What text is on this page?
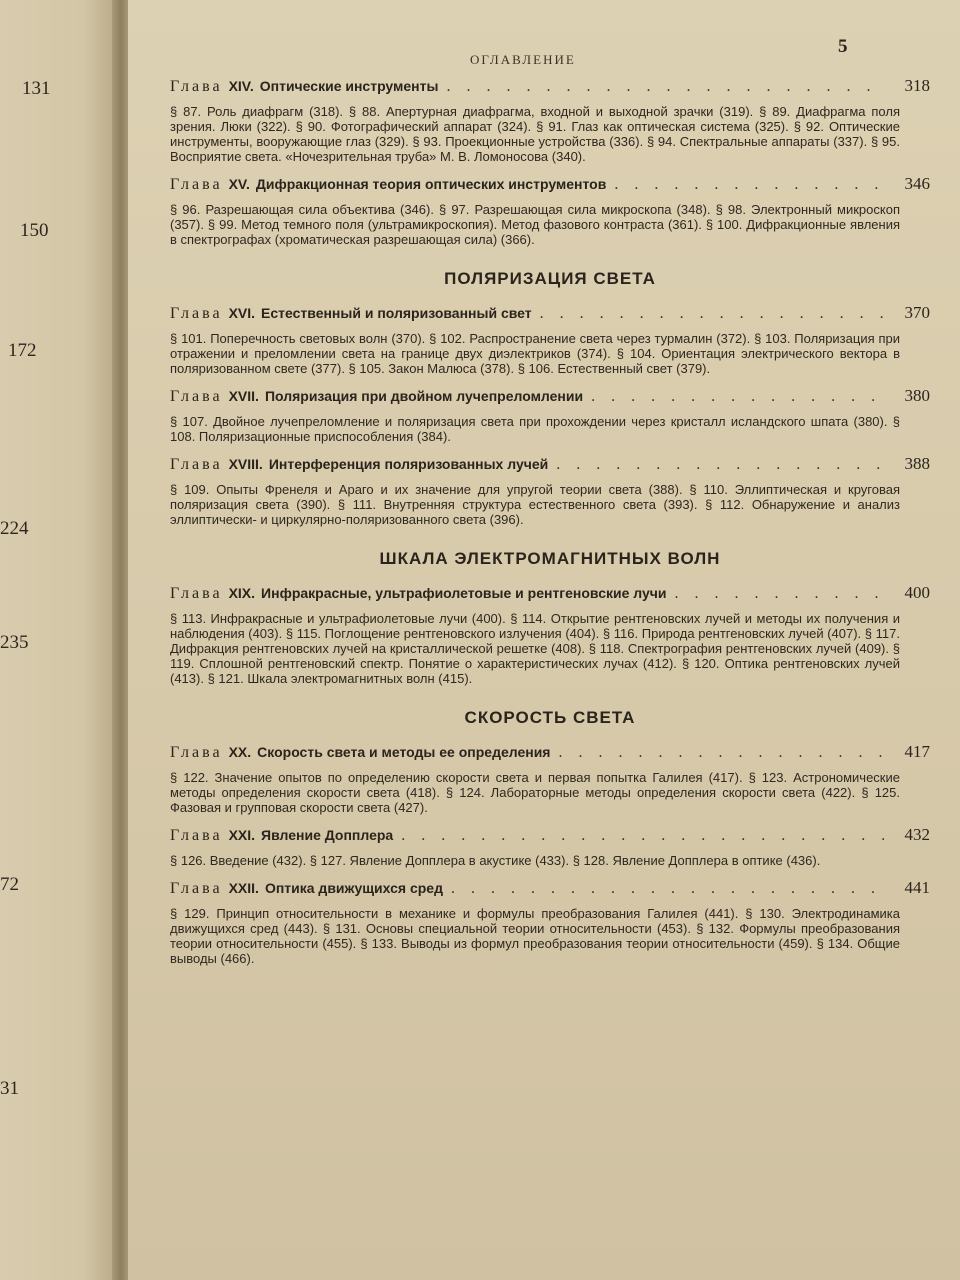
131
150
172
224
235
72
31
ОГЛАВЛЕНИЕ
5
Глава XIV. Оптические инструменты . . .	318
§ 87. Роль диафрагм (318). § 88. Апертурная диафрагма, входной и выходной зрачки (319). § 89. Диафрагма поля зрения. Люки (322). § 90. Фотографический аппарат (324). § 91. Глаз как оптическая система (325). § 92. Оптические инструменты, вооружающие глаз (329). § 93. Проекционные устройства (336). § 94. Спектральные аппараты (337). § 95. Восприятие света. «Ночезрительная труба» М. В. Ломоносова (340).
Глава XV. Дифракционная теория оптических инструментов . . .	346
§ 96. Разрешающая сила объектива (346). § 97. Разрешающая сила микроскопа (348). § 98. Электронный микроскоп (357). § 99. Метод темного поля (ультрамикроскопия). Метод фазового контраста (361). § 100. Дифракционные явления в спектрографах (хроматическая разрешающая сила) (366).
ПОЛЯРИЗАЦИЯ СВЕТА
Глава XVI. Естественный и поляризованный свет . . .	370
§ 101. Поперечность световых волн (370). § 102. Распространение света через турмалин (372). § 103. Поляризация при отражении и преломлении света на границе двух диэлектриков (374). § 104. Ориентация электрического вектора в поляризованном свете (377). § 105. Закон Малюса (378). § 106. Естественный свет (379).
Глава XVII. Поляризация при двойном лучепреломлении . . .	380
§ 107. Двойное лучепреломление и поляризация света при прохождении через кристалл исландского шпата (380). § 108. Поляризационные приспособления (384).
Глава XVIII. Интерференция поляризованных лучей . . .	388
§ 109. Опыты Френеля и Араго и их значение для упругой теории света (388). § 110. Эллиптическая и круговая поляризация света (390). § 111. Внутренняя структура естественного света (393). § 112. Обнаружение и анализ эллиптически- и циркулярно-поляризованного света (396).
ШКАЛА ЭЛЕКТРОМАГНИТНЫХ ВОЛН
Глава XIX. Инфракрасные, ультрафиолетовые и рентгеновские лучи . . .	400
§ 113. Инфракрасные и ультрафиолетовые лучи (400). § 114. Открытие рентгеновских лучей и методы их получения и наблюдения (403). § 115. Поглощение рентгеновского излучения (404). § 116. Природа рентгеновских лучей (407). § 117. Дифракция рентгеновских лучей на кристаллической решетке (408). § 118. Спектрография рентгеновских лучей (409). § 119. Сплошной рентгеновский спектр. Понятие о характеристических лучах (412). § 120. Оптика рентгеновских лучей (413). § 121. Шкала электромагнитных волн (415).
СКОРОСТЬ СВЕТА
Глава XX. Скорость света и методы ее определения . . .	417
§ 122. Значение опытов по определению скорости света и первая попытка Галилея (417). § 123. Астрономические методы определения скорости света (418). § 124. Лабораторные методы определения скорости света (422). § 125. Фазовая и групповая скорости света (427).
Глава XXI. Явление Допплера . . .	432
§ 126. Введение (432). § 127. Явление Допплера в акустике (433). § 128. Явление Допплера в оптике (436).
Глава XXII. Оптика движущихся сред . . .	441
§ 129. Принцип относительности в механике и формулы преобразования Галилея (441). § 130. Электродинамика движущихся сред (443). § 131. Основы специальной теории относительности (453). § 132. Формулы преобразования теории относительности (455). § 133. Выводы из формул преобразования теории относительности (459). § 134. Общие выводы (466).
